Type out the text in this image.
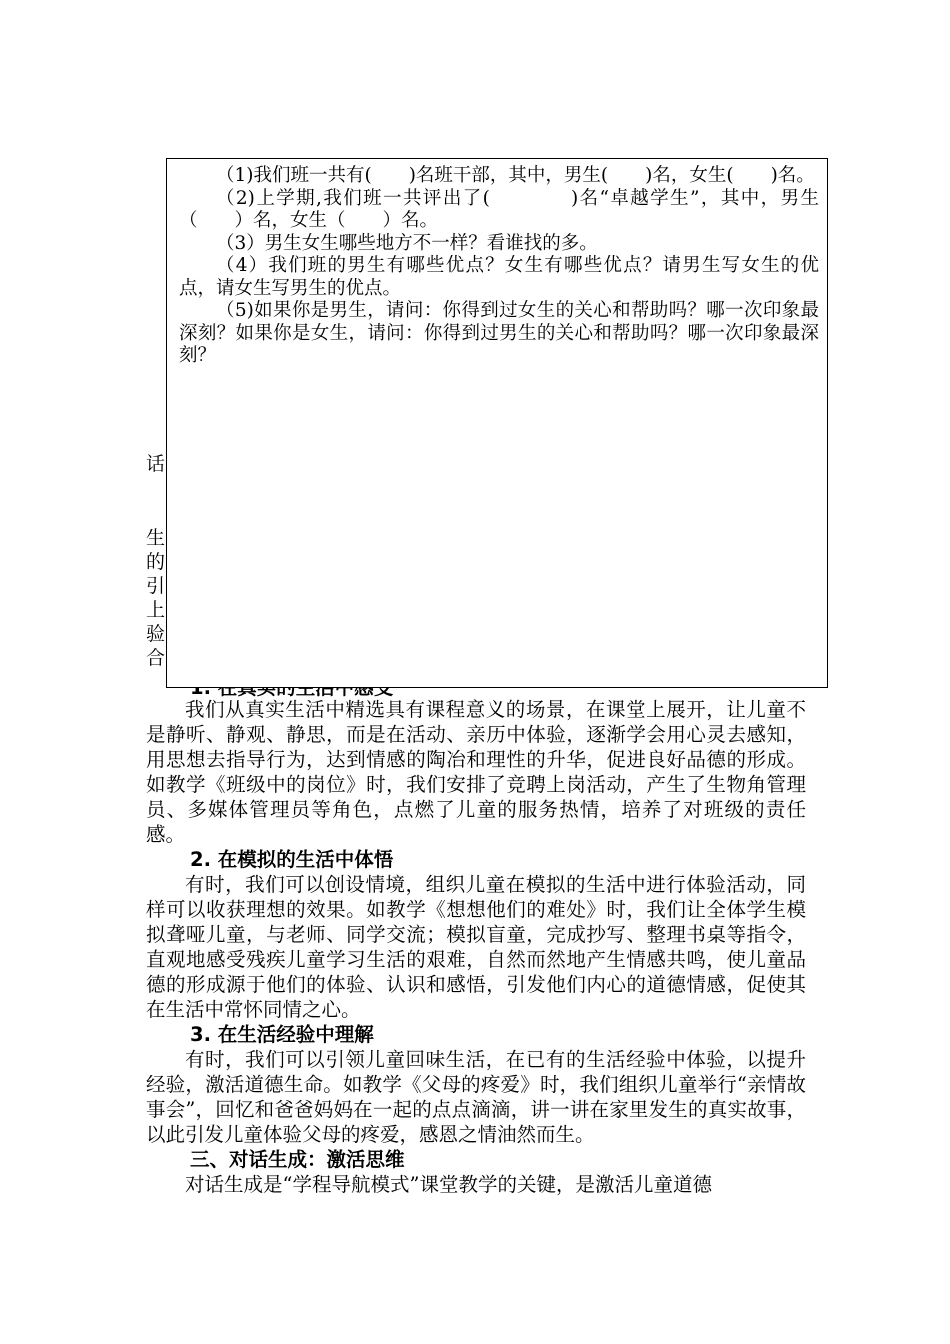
话
生
的
引
上
验
合

我们从真实生活中精选具有课程意义的场景，在课堂上展开，让儿童不是静听、静观、静思，而是在活动、亲历中体验，逐渐学会用心灵去感知，用思想去指导行为，达到情感的陶冶和理性的升华，促进良好品德的形成。如教学《班级中的岗位》时，我们安排了竞聘上岗活动，产生了生物角管理员、多媒体管理员等角色，点燃了儿童的服务热情，培养了对班级的责任感。

2. 在模拟的生活中体悟

有时，我们可以创设情境，组织儿童在模拟的生活中进行体验活动，同样可以收获理想的效果。如教学《想想他们的难处》时，我们让全体学生模拟聋哑儿童，与老师、同学交流；模拟盲童，完成抄写、整理书桌等指令，直观地感受残疾儿童学习生活的艰难，自然而然地产生情感共鸣，使儿童品德的形成源于他们的体验、认识和感悟，引发他们内心的道德情感，促使其在生活中常怀同情之心。

3. 在生活经验中理解

有时，我们可以引领儿童回味生活，在已有的生活经验中体验，以提升经验，激活道德生命。如教学《父母的疼爱》时，我们组织儿童举行“亲情故事会”，回忆和爸爸妈妈在一起的点点滴滴，讲一讲在家里发生的真实故事，以此引发儿童体验父母的疼爱，感恩之情油然而生。

三、对话生成：激活思维

对话生成是“学程导航模式”课堂教学的关键，是激活儿童道德

（1)我们班一共有(　　)名班干部，其中，男生(　　)名，女生(　　)名。

（2)上学期,我们班一共评出了(　　　　)名“卓越学生”，其中，男生（　　）名，女生（　　）名。

（3）男生女生哪些地方不一样？看谁找的多。

（4）我们班的男生有哪些优点？女生有哪些优点？请男生写女生的优点，请女生写男生的优点。

（5)如果你是男生，请问：你得到过女生的关心和帮助吗？哪一次印象最深刻？如果你是女生，请问：你得到过男生的关心和帮助吗？哪一次印象最深刻？
